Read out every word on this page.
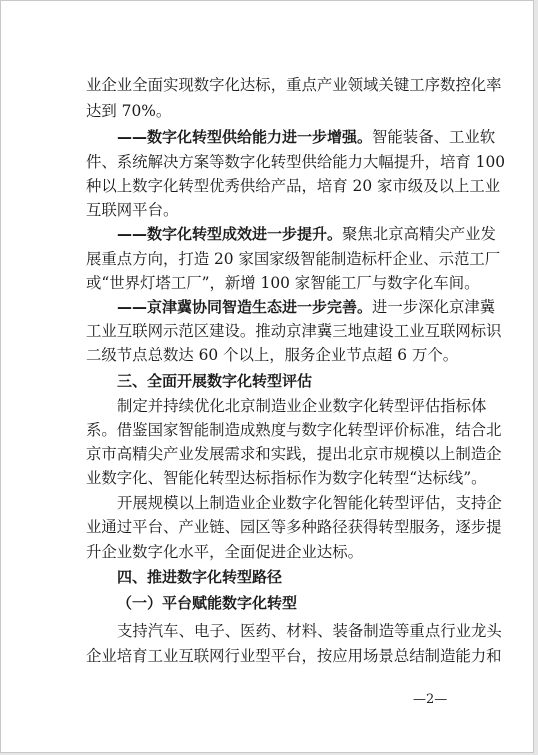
业企业全面实现数字化达标，重点产业领域关键工序数控化率
达到 70%。
——数字化转型供给能力进一步增强。智能装备、工业软
件、系统解决方案等数字化转型供给能力大幅提升，培育 100
种以上数字化转型优秀供给产品，培育 20 家市级及以上工业
互联网平台。
——数字化转型成效进一步提升。聚焦北京高精尖产业发
展重点方向，打造 20 家国家级智能制造标杆企业、示范工厂
或“世界灯塔工厂”，新增 100 家智能工厂与数字化车间。
——京津冀协同智造生态进一步完善。进一步深化京津冀
工业互联网示范区建设。推动京津冀三地建设工业互联网标识
二级节点总数达 60 个以上，服务企业节点超 6 万个。
三、全面开展数字化转型评估
制定并持续优化北京制造业企业数字化转型评估指标体
系。借鉴国家智能制造成熟度与数字化转型评价标准，结合北
京市高精尖产业发展需求和实践，提出北京市规模以上制造企
业数字化、智能化转型达标指标作为数字化转型“达标线”。
开展规模以上制造业企业数字化智能化转型评估，支持企
业通过平台、产业链、园区等多种路径获得转型服务，逐步提
升企业数字化水平，全面促进企业达标。
四、推进数字化转型路径
（一）平台赋能数字化转型
支持汽车、电子、医药、材料、装备制造等重点行业龙头
企业培育工业互联网行业型平台，按应用场景总结制造能力和
—2—
